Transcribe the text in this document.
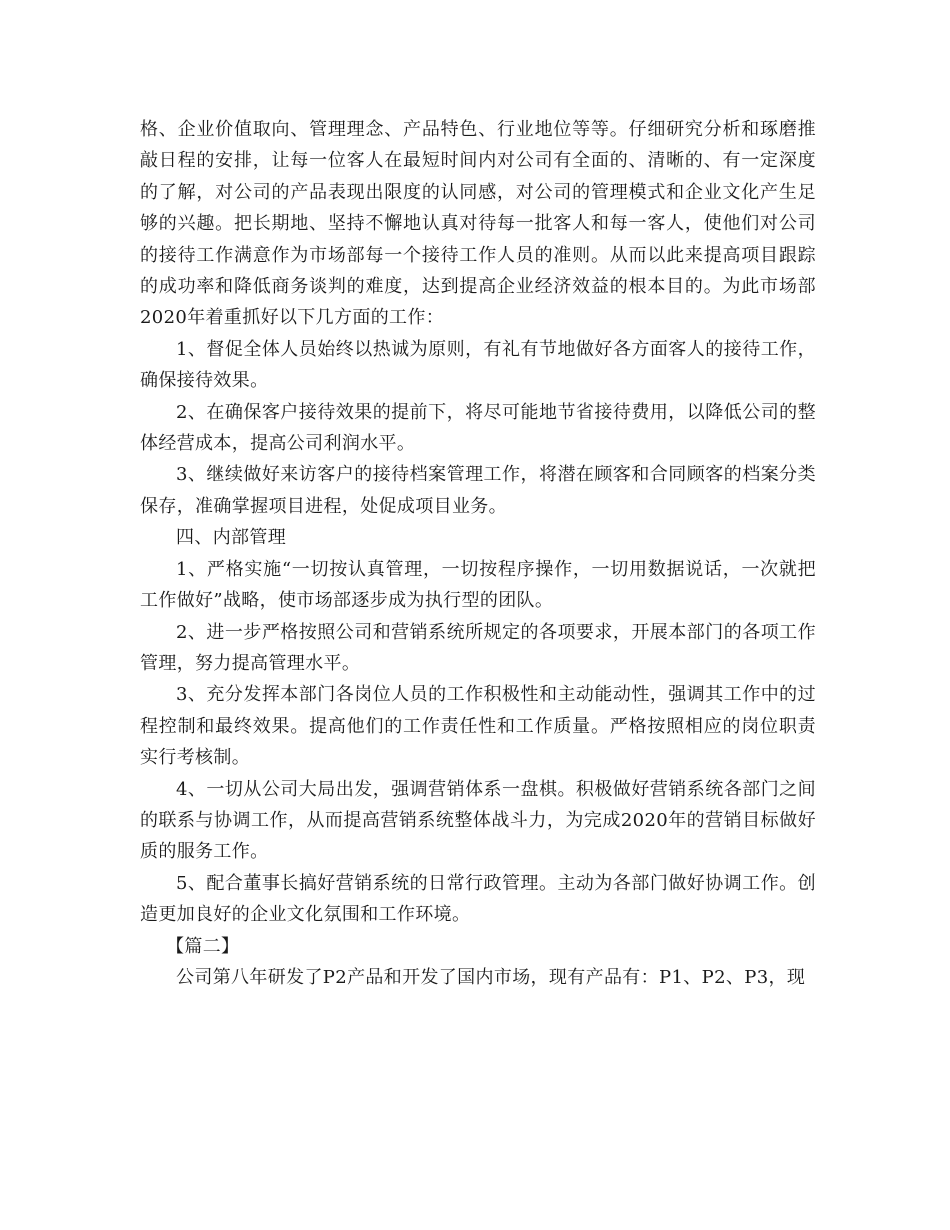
格、企业价值取向、管理理念、产品特色、行业地位等等。仔细研究分析和琢磨推敲日程的安排，让每一位客人在最短时间内对公司有全面的、清晰的、有一定深度的了解，对公司的产品表现出限度的认同感，对公司的管理模式和企业文化产生足够的兴趣。把长期地、坚持不懈地认真对待每一批客人和每一客人，使他们对公司的接待工作满意作为市场部每一个接待工作人员的准则。从而以此来提高项目跟踪的成功率和降低商务谈判的难度，达到提高企业经济效益的根本目的。为此市场部2020年着重抓好以下几方面的工作：

1、督促全体人员始终以热诚为原则，有礼有节地做好各方面客人的接待工作，确保接待效果。

2、在确保客户接待效果的提前下，将尽可能地节省接待费用，以降低公司的整体经营成本，提高公司利润水平。

3、继续做好来访客户的接待档案管理工作，将潜在顾客和合同顾客的档案分类保存，准确掌握项目进程，处促成项目业务。

四、内部管理

1、严格实施“一切按认真管理，一切按程序操作，一切用数据说话，一次就把工作做好”战略，使市场部逐步成为执行型的团队。

2、进一步严格按照公司和营销系统所规定的各项要求，开展本部门的各项工作管理，努力提高管理水平。

3、充分发挥本部门各岗位人员的工作积极性和主动能动性，强调其工作中的过程控制和最终效果。提高他们的工作责任性和工作质量。严格按照相应的岗位职责实行考核制。

4、一切从公司大局出发，强调营销体系一盘棋。积极做好营销系统各部门之间的联系与协调工作，从而提高营销系统整体战斗力，为完成2020年的营销目标做好质的服务工作。

5、配合董事长搞好营销系统的日常行政管理。主动为各部门做好协调工作。创造更加良好的企业文化氛围和工作环境。

【篇二】

公司第八年研发了P2产品和开发了国内市场，现有产品有：P1、P2、P3，现
